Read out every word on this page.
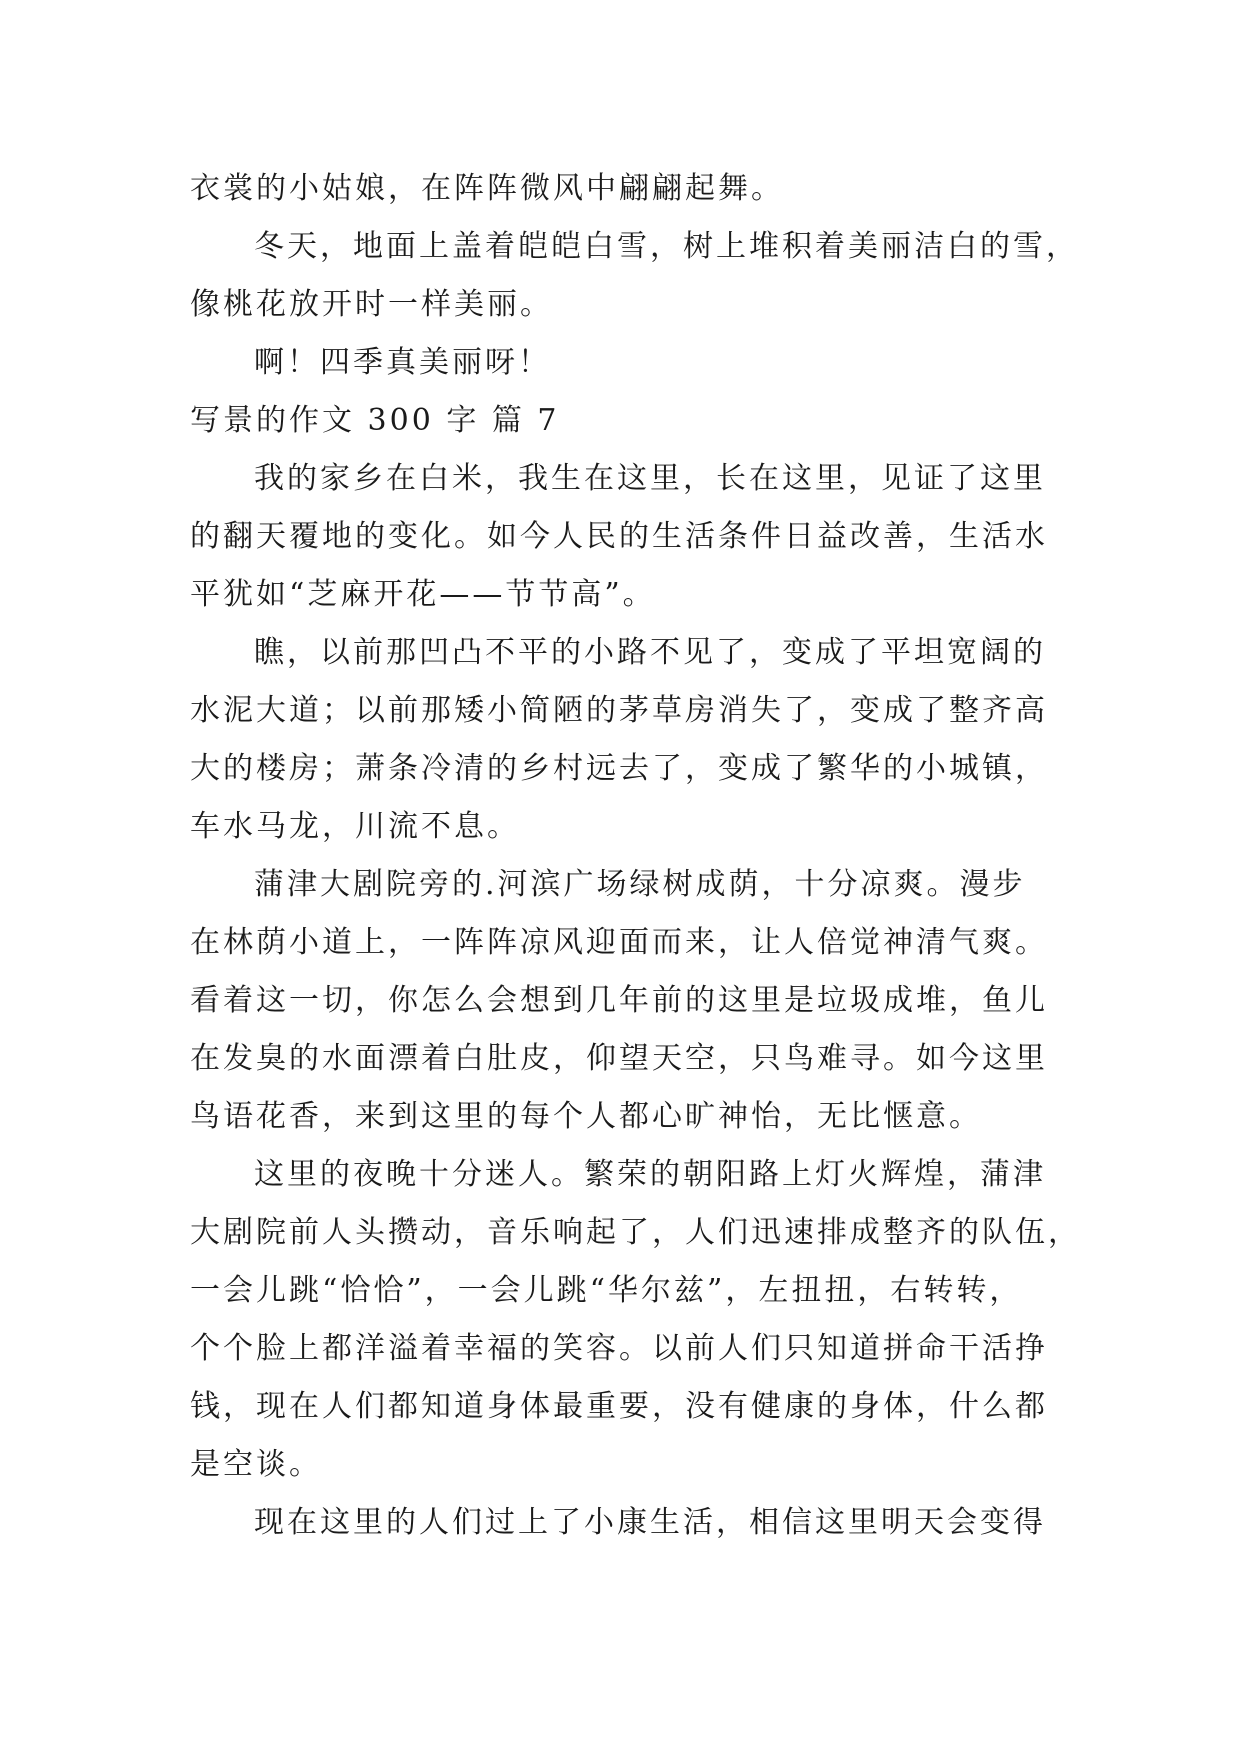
衣裳的小姑娘，在阵阵微风中翩翩起舞。
冬天，地面上盖着皑皑白雪，树上堆积着美丽洁白的雪，
像桃花放开时一样美丽。
啊！四季真美丽呀！
写景的作文 300 字 篇 7
我的家乡在白米，我生在这里，长在这里，见证了这里
的翻天覆地的变化。如今人民的生活条件日益改善，生活水
平犹如“芝麻开花——节节高”。
瞧，以前那凹凸不平的小路不见了，变成了平坦宽阔的
水泥大道；以前那矮小简陋的茅草房消失了，变成了整齐高
大的楼房；萧条冷清的乡村远去了，变成了繁华的小城镇，
车水马龙，川流不息。
蒲津大剧院旁的.河滨广场绿树成荫，十分凉爽。漫步
在林荫小道上，一阵阵凉风迎面而来，让人倍觉神清气爽。
看着这一切，你怎么会想到几年前的这里是垃圾成堆，鱼儿
在发臭的水面漂着白肚皮，仰望天空，只鸟难寻。如今这里
鸟语花香，来到这里的每个人都心旷神怡，无比惬意。
这里的夜晚十分迷人。繁荣的朝阳路上灯火辉煌，蒲津
大剧院前人头攒动，音乐响起了，人们迅速排成整齐的队伍，
一会儿跳“恰恰”，一会儿跳“华尔兹”，左扭扭，右转转，
个个脸上都洋溢着幸福的笑容。以前人们只知道拼命干活挣
钱，现在人们都知道身体最重要，没有健康的身体，什么都
是空谈。
现在这里的人们过上了小康生活，相信这里明天会变得
